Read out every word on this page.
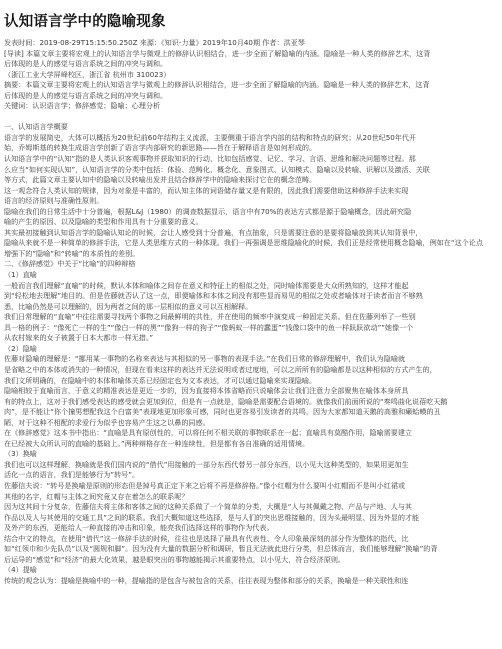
认知语言学中的隐喻现象
发表时间：2019-08-29T15:15:50.250Z 来源：《知识-力量》2019年10月40期 作者：洪亚琴
[导读] 本篇文章主要将宏观上的认知语言学与微观上的修辞认识相结合，进一步全面了解隐喻的内涵。隐喻是一种人类的修辞艺术，这背
后体现的是人的感觉与语言系统之间的冲突与调和。
（浙江工业大学屏峰校区，浙江省 杭州市 310023）
摘要：本篇文章主要将宏观上的认知语言学与微观上的修辞认识相结合，进一步全面了解隐喻的内涵。隐喻是一种人类的修辞艺术，这背
后体现的是人的感觉与语言系统之间的冲突与调和。
关键词：认识语言学；修辞感觉；隐喻；心理分析
一、认知语言学概要
语言学的发展简史，大体可以概括为20世纪前60年结构主义流派，主要侧重于语言学内部的结构和特点的研究；从20世纪50年代开
始，乔姆斯基的转换生成语言学创新了语言学内部研究的新思路——旨在于解释语言是如何形成的。
认知语言学中的“认知”指的是人类认识客观事物并获取知识的行动，比如包括感觉、记忆、学习、言语、思维和解决问题等过程。那
么应当“如何实现认知”，认知语言学的分类中包括：体验、范畴化、概念化、意象图式、认知模式、隐喻以及转喻、识解以及激活、关联
等方式，此篇文章主要认知中的隐喻以及转喻出发并且结合修辞学中的隐喻来探讨它在的概念范畴。
这一观念符合人类认知的规律，因为对象是丰富的，而认知主体的词语储存量又是有限的，因此我们需要借助这种修辞手法来实现
语言的经济原则与准确性原则。
隐喻在我们的日常生活中十分普遍，根据L&J（1980）的调查数据显示，语言中有70%的表达方式都是源于隐喻概念，因此研究隐
喻的产生的原因、以及隐喻的类型和作用具有十分重要的意义。
其实最初接触到认知语言学的隐喻认知论的时候，会让人感受到十分普遍，有点抽象，只是需要注意的是要将隐喻放到其认知背景中，
隐喻从来就不是一种简单的修辞手法，它是人类思维方式的一种体现。我们一再强调是思维隐喻化的时候，我们正是经常使用概念隐喻，例如在“这个论点
增强下的”隐喻”和“转喻”的本质性的差别。
二、《修辞感觉》中关于“比喻”的四种辩格
（1）直喻
一般而言我们理解“直喻”的时候，默认本体和喻体之间存在意义和特征上的相似之处，同时喻体需要是大众所熟知的，这样才能起
到“轻松地去理解”地目的。但是佐藤就否认了这一点，即便喻体和本体之间没有那些显而易见的相似之处或者喻体对于读者而言不够熟
悉，比喻仍然是可以理解的，因为两者之间的那一层相似的意义可以互相解释。
我们日常理解的“直喻”中往往需要寻找两个事物之间最鲜明的共性，并在使用的频率中演变成一种固定关系。但在佐藤列举了一些别
具一格的例子：“像死亡一样的生”“像白一样的黑”“像狗一样的狗子”“像蚂蚁一样的蠢蛋”“钱像口袋中的鱼一样跃跃欲动””她像一个
从农村嫁来的女子被置于日本大都市一样无措。”
（2）隐喻
佐藤对隐喻的理解是：“挪用某一事物的名称来表达与其相似的另一事物的表现手法。”在我们日常的修辞理解中，我们认为隐喻就
是省略之中的本体或消失的一种情况，但现在看来这样的表达并无法说明或者过度地，可以之所所有的隐喻都是以这种相似的方式产生的，
我们文所明确的，在隐喻中的本体和喻体关系已经固定也为文本表达，才可以通过隐喻来实现隐喻。
隐喻相较于直喻而言，于意义的精准表达是更近一步的，因为直接将本体省略而只说喻体会让我们注意力全部聚焦在喻体本身所具
有的特点上，这对于我们感受表达的感受就会更加到位，但是有一点就是，隐喻是需要配合语境的。就像我们前面所说的“奏鸣曲化说蓓吃天鹅
肉”，是不能让“你个撞男想配我这个白富美”表现地更加形象可感，同时也更容易引发读者的共鸣，因为大家都知道天鹅的高雅和癞蛤蟆的丑
陋，对于这种不相配的求爱行为似乎也容易产生这之以鼻的同感。
在《修辞感觉》这本书中指出：“直喻是具有原创性的，可以将任何不相关联的事物联系在一起；直喻具有莫酷作用，隐喻需要建立
在已经被大众所认可的直喻的基础上。”两种辩格存在一种连续性，但是都有各自准确的适用情境。
（3）换喻
我们也可以这样理解，换喻就是我们国内说的“借代”用接触的一部分东西代替另一部分东西，以小见大这种类型的，如果用更加生
活化一点的语言，我们是能够行为”转号”。
佐藤信夫说：“转号是换喻是原则的形态但是掉号真正定下来之后将不再是修辞格。”像小红帽为什么要叫小红帽而不是叫小红裙或
其他的名字，红帽与主体之间究竟又存在着怎么的联系呢？
因为这其间十分复杂，佐藤信夫将主体和客体之间的这种关系做了一个简单的分类，大概是“人与其佩戴之物、产品与产地、人与其
作品以及人与其使用的交通工具”之间的联系。我们大概知道这些选择，是与人们的突出思维接触的，因为头最明显、因为外显的才能
及外产的东西，更能给人一种直接的冲击和印象，能亮我们选择这样的事物作为代表。
结合中文的特点，在使用“借代”这一修辞手法的时候，往往也是选择了最具有代表性、令人印象最深刻的部分作为整体的指代，比
如“红领巾和少先队员”以及“圆规和脚”。因为没有大量的数据分析和调研，暂且无法就此进行分类，但总体而言，我们能够理解”换喻”的背
后运导的“感觉”和“经济”的最大化效果，越是眼突出的事物越能揭示其重要特点，以小见大，符合经济原则。
（4）提喻
传统的观念认为：提喻是换喻中的一种，提喻指的是包含与被包含的关系，往往表现为整体和部分的关系，换喻是一种关联性和连
